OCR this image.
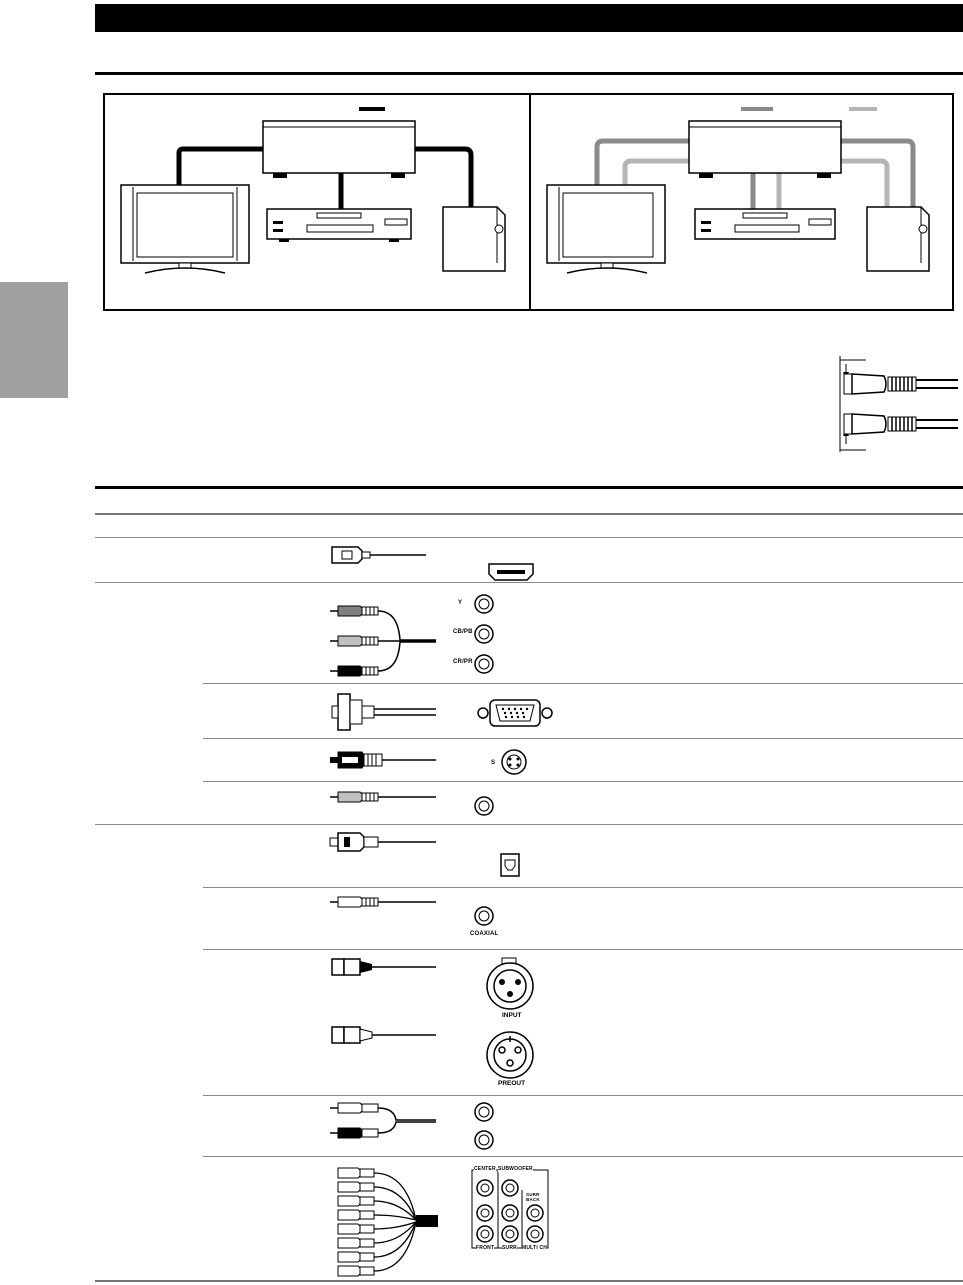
Y
CB/PB
CR/PR
S
COAXIAL
INPUT
PREOUT
CENTER SUBWOOFER
SURR BACK
FRONT SURR MULTI CH
